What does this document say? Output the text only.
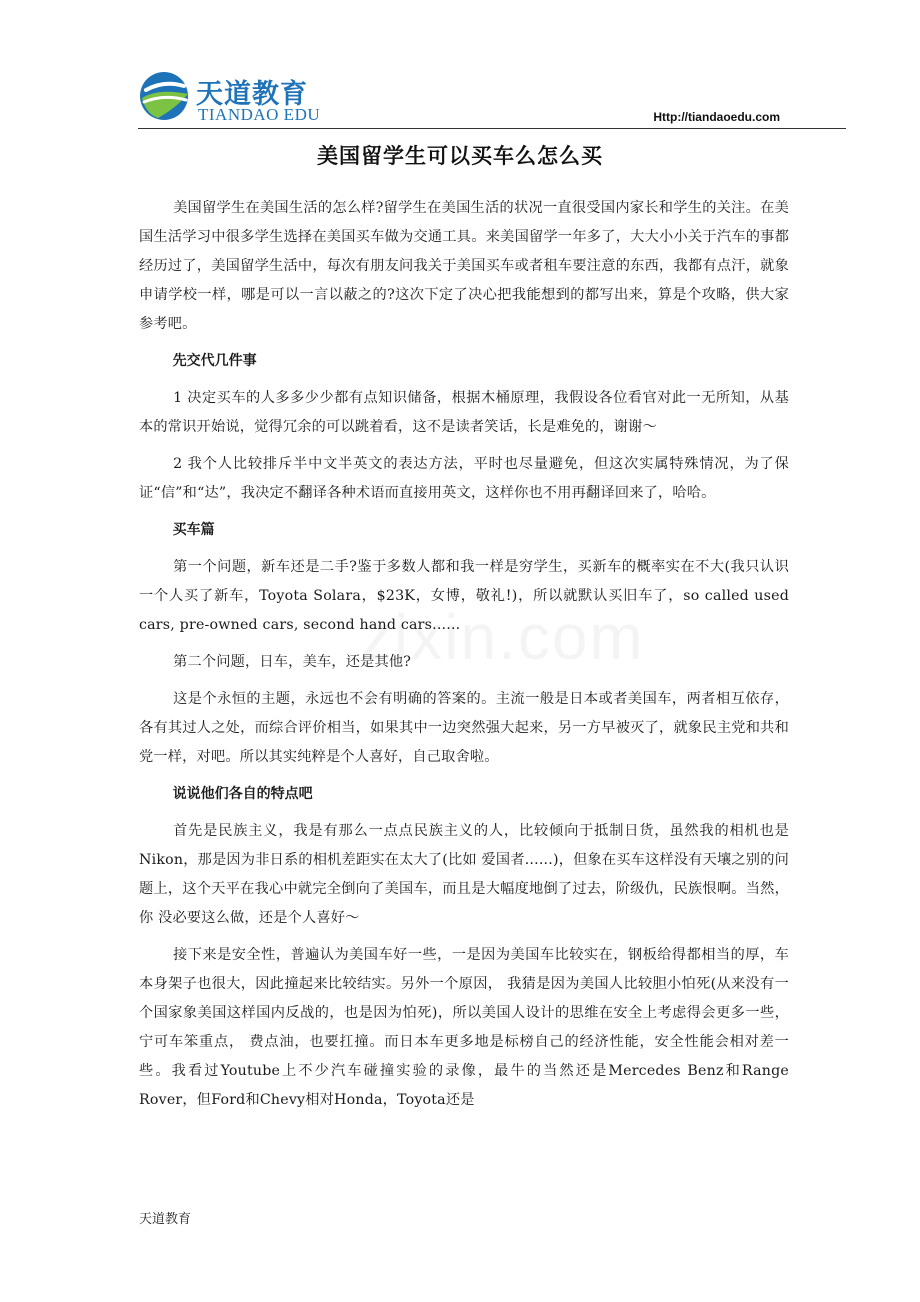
天道教育
TIANDAO EDU	Http://tiandaoedu.com
美国留学生可以买车么怎么买

美国留学生在美国生活的怎么样?留学生在美国生活的状况一直很受国内家长和学生的关注。在美国生活学习中很多学生选择在美国买车做为交通工具。来美国留学一年多了，大大小小关于汽车的事都经历过了，美国留学生活中，每次有朋友问我关于美国买车或者租车要注意的东西，我都有点汗，就象申请学校一样，哪是可以一言以蔽之的?这次下定了决心把我能想到的都写出来，算是个攻略，供大家参考吧。

先交代几件事

1 决定买车的人多多少少都有点知识储备，根据木桶原理，我假设各位看官对此一无所知，从基本的常识开始说，觉得冗余的可以跳着看，这不是读者笑话，长是难免的，谢谢～

2 我个人比较排斥半中文半英文的表达方法，平时也尽量避免，但这次实属特殊情况，为了保证“信”和“达”，我决定不翻译各种术语而直接用英文，这样你也不用再翻译回来了，哈哈。

买车篇

第一个问题，新车还是二手?鉴于多数人都和我一样是穷学生，买新车的概率实在不大(我只认识一个人买了新车，Toyota Solara，$23K，女博，敬礼!)，所以就默认买旧车了，so called used cars, pre-owned cars, second hand cars......

第二个问题，日车，美车，还是其他?

这是个永恒的主题，永远也不会有明确的答案的。主流一般是日本或者美国车，两者相互依存，各有其过人之处，而综合评价相当，如果其中一边突然强大起来，另一方早被灭了，就象民主党和共和党一样，对吧。所以其实纯粹是个人喜好，自己取舍啦。

说说他们各自的特点吧

首先是民族主义，我是有那么一点点民族主义的人，比较倾向于抵制日货，虽然我的相机也是Nikon，那是因为非日系的相机差距实在太大了(比如 爱国者......)，但象在买车这样没有天壤之别的问题上，这个天平在我心中就完全倒向了美国车，而且是大幅度地倒了过去，阶级仇，民族恨啊。当然，你 没必要这么做，还是个人喜好～

接下来是安全性，普遍认为美国车好一些，一是因为美国车比较实在，钢板给得都相当的厚，车本身架子也很大，因此撞起来比较结实。另外一个原因， 我猜是因为美国人比较胆小怕死(从来没有一个国家象美国这样国内反战的，也是因为怕死)，所以美国人设计的思维在安全上考虑得会更多一些，宁可车笨重点， 费点油，也要扛撞。而日本车更多地是标榜自己的经济性能，安全性能会相对差一些。我看过Youtube上不少汽车碰撞实验的录像，最牛的当然还是Mercedes Benz和Range Rover，但Ford和Chevy相对Honda，Toyota还是

天道教育
